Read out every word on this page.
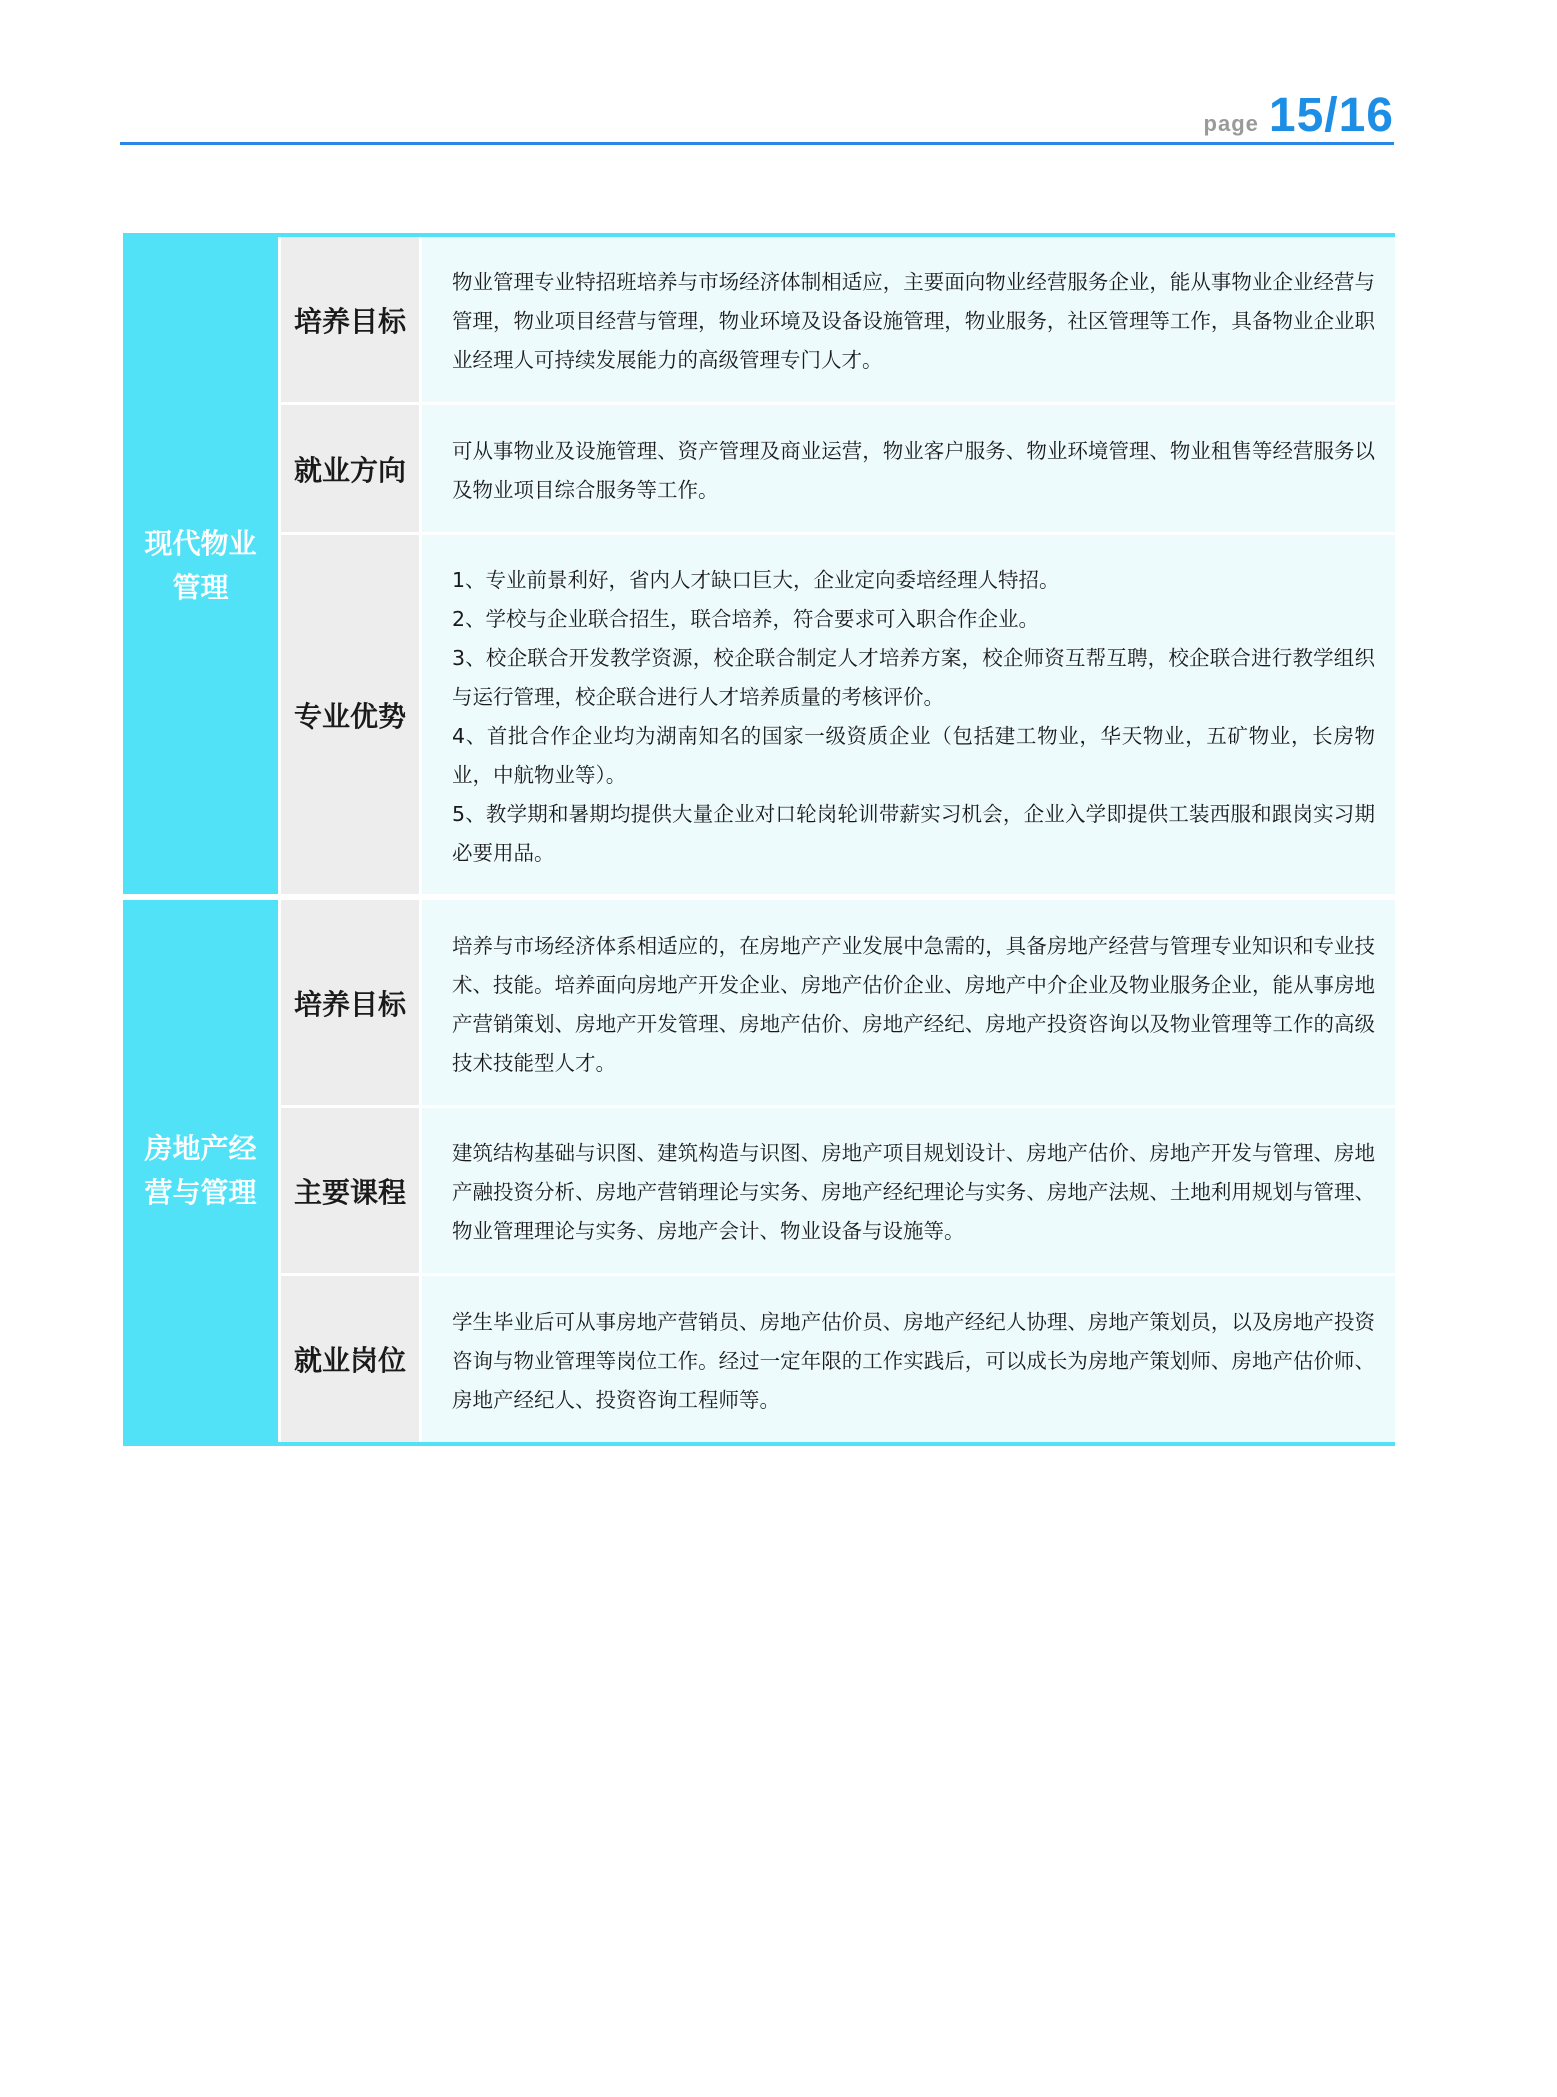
page 15/16
现代物业管理
培养目标

物业管理专业特招班培养与市场经济体制相适应，主要面向物业经营服务企业，能从事物业企业经营与管理，物业项目经营与管理，物业环境及设备设施管理，物业服务，社区管理等工作，具备物业企业职业经理人可持续发展能力的高级管理专门人才。

就业方向

可从事物业及设施管理、资产管理及商业运营，物业客户服务、物业环境管理、物业租售等经营服务以及物业项目综合服务等工作。

专业优势

1、专业前景利好，省内人才缺口巨大，企业定向委培经理人特招。

2、学校与企业联合招生，联合培养，符合要求可入职合作企业。

3、校企联合开发教学资源，校企联合制定人才培养方案，校企师资互帮互聘，校企联合进行教学组织与运行管理，校企联合进行人才培养质量的考核评价。

4、首批合作企业均为湖南知名的国家一级资质企业（包括建工物业，华天物业，五矿物业，长房物业，中航物业等）。

5、教学期和暑期均提供大量企业对口轮岗轮训带薪实习机会，企业入学即提供工装西服和跟岗实习期必要用品。

房地产经营与管理
培养目标

培养与市场经济体系相适应的，在房地产产业发展中急需的，具备房地产经营与管理专业知识和专业技术、技能。培养面向房地产开发企业、房地产估价企业、房地产中介企业及物业服务企业，能从事房地产营销策划、房地产开发管理、房地产估价、房地产经纪、房地产投资咨询以及物业管理等工作的高级技术技能型人才。

主要课程

建筑结构基础与识图、建筑构造与识图、房地产项目规划设计、房地产估价、房地产开发与管理、房地产融投资分析、房地产营销理论与实务、房地产经纪理论与实务、房地产法规、土地利用规划与管理、物业管理理论与实务、房地产会计、物业设备与设施等。

就业岗位

学生毕业后可从事房地产营销员、房地产估价员、房地产经纪人协理、房地产策划员，以及房地产投资咨询与物业管理等岗位工作。经过一定年限的工作实践后，可以成长为房地产策划师、房地产估价师、房地产经纪人、投资咨询工程师等。
